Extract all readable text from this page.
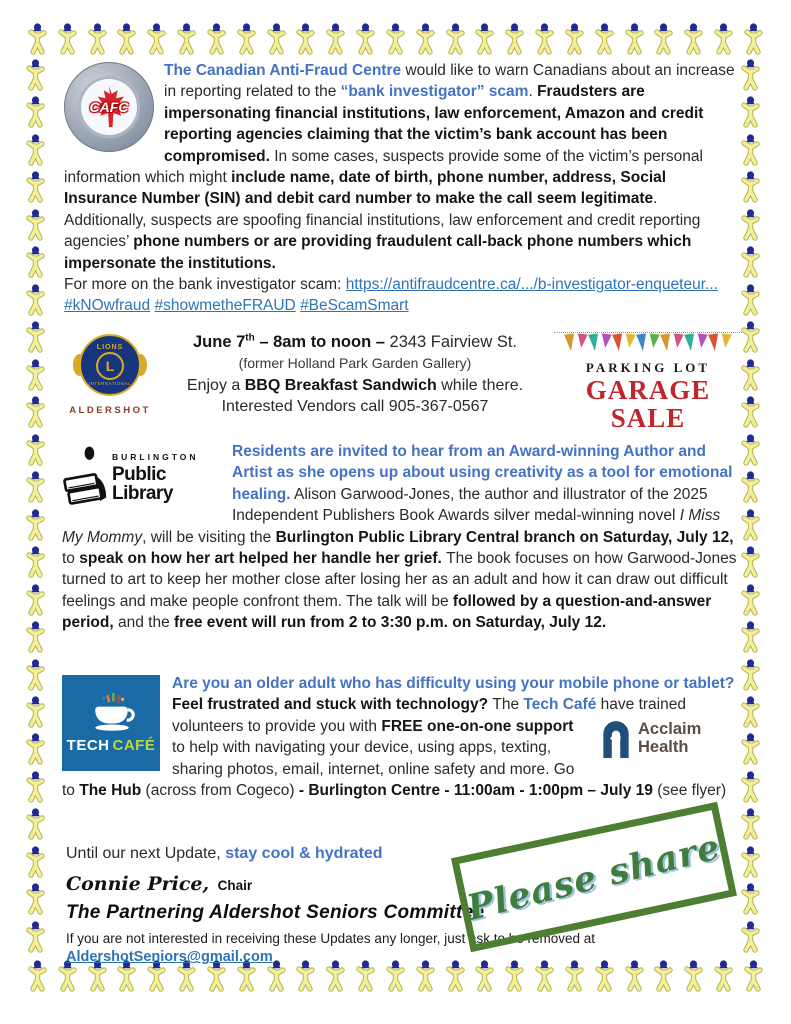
CAFC

The Canadian Anti-Fraud Centre would like to warn Canadians about an increase in reporting related to the “bank investigator” scam. Fraudsters are impersonating financial institutions, law enforcement, Amazon and credit reporting agencies claiming that the victim’s bank account has been compromised. In some cases, suspects provide some of the victim’s personal information which might include name, date of birth, phone number, address, Social Insurance Number (SIN) and debit card number to make the call seem legitimate. Additionally, suspects are spoofing financial institutions, law enforcement and credit reporting agencies’ phone numbers or are providing fraudulent call-back phone numbers which impersonate the institutions.
For more on the bank investigator scam: https://antifraudcentre.ca/.../b-investigator-enqueteur... #kNOwfraud #showmetheFRAUD #BeScamSmart

LIONS
L
INTERNATIONAL
ALDERSHOT
June 7th – 8am to noon – 2343 Fairview St.
(former Holland Park Garden Gallery)
Enjoy a BBQ Breakfast Sandwich while there.
Interested Vendors call 905-367-0567
PARKING LOT
GARAGE SALE
BURLINGTON
Public Library

Residents are invited to hear from an Award-winning Author and Artist as she opens up about using creativity as a tool for emotional healing. Alison Garwood-Jones, the author and illustrator of the 2025 Independent Publishers Book Awards silver medal-winning novel I Miss My Mommy, will be visiting the Burlington Public Library Central branch on Saturday, July 12, to speak on how her art helped her handle her grief. The book focuses on how Garwood-Jones turned to art to keep her mother close after losing her as an adult and how it can draw out difficult feelings and make people confront them. The talk will be followed by a question-and-answer period, and the free event will run from 2 to 3:30 p.m. on Saturday, July 12.

TECH CAFÉ

Are you an older adult who has difficulty using your mobile phone or tablet? Feel frustrated and stuck with technology? The Tech Café
Acclaim
Health
have trained volunteers to provide you with FREE one-on-one support to help with navigating your device, using apps, texting, sharing photos, email, internet, online safety and more. Go to The Hub (across from Cogeco) - Burlington Centre - 11:00am - 1:00pm – July 19 (see flyer)

Until our next Update, stay cool & hydrated
Connie Price, Chair
The Partnering Aldershot Seniors Committee
If you are not interested in receiving these Updates any longer, just ask to be removed at
AldershotSeniors@gmail.com
Please share
